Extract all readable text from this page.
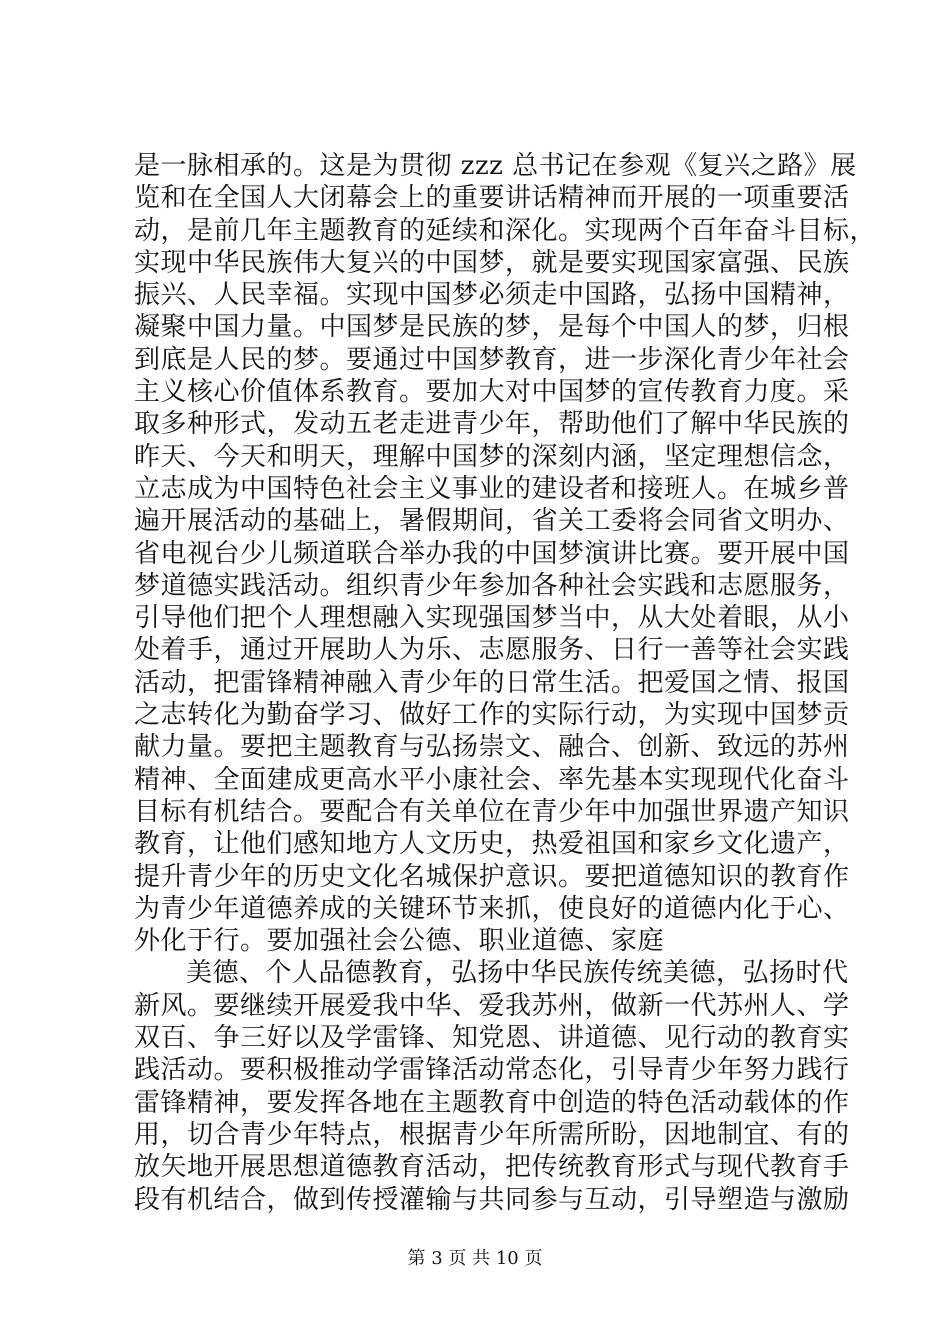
是一脉相承的。这是为贯彻 zzz 总书记在参观《复兴之路》展
览和在全国人大闭幕会上的重要讲话精神而开展的一项重要活
动，是前几年主题教育的延续和深化。实现两个百年奋斗目标，
实现中华民族伟大复兴的中国梦，就是要实现国家富强、民族
振兴、人民幸福。实现中国梦必须走中国路，弘扬中国精神，
凝聚中国力量。中国梦是民族的梦，是每个中国人的梦，归根
到底是人民的梦。要通过中国梦教育，进一步深化青少年社会
主义核心价值体系教育。要加大对中国梦的宣传教育力度。采
取多种形式，发动五老走进青少年，帮助他们了解中华民族的
昨天、今天和明天，理解中国梦的深刻内涵，坚定理想信念，
立志成为中国特色社会主义事业的建设者和接班人。在城乡普
遍开展活动的基础上，暑假期间，省关工委将会同省文明办、
省电视台少儿频道联合举办我的中国梦演讲比赛。要开展中国
梦道德实践活动。组织青少年参加各种社会实践和志愿服务，
引导他们把个人理想融入实现强国梦当中，从大处着眼，从小
处着手，通过开展助人为乐、志愿服务、日行一善等社会实践
活动，把雷锋精神融入青少年的日常生活。把爱国之情、报国
之志转化为勤奋学习、做好工作的实际行动，为实现中国梦贡
献力量。要把主题教育与弘扬崇文、融合、创新、致远的苏州
精神、全面建成更高水平小康社会、率先基本实现现代化奋斗
目标有机结合。要配合有关单位在青少年中加强世界遗产知识
教育，让他们感知地方人文历史，热爱祖国和家乡文化遗产，
提升青少年的历史文化名城保护意识。要把道德知识的教育作
为青少年道德养成的关键环节来抓，使良好的道德内化于心、
外化于行。要加强社会公德、职业道德、家庭
美德、个人品德教育，弘扬中华民族传统美德，弘扬时代
新风。要继续开展爱我中华、爱我苏州，做新一代苏州人、学
双百、争三好以及学雷锋、知党恩、讲道德、见行动的教育实
践活动。要积极推动学雷锋活动常态化，引导青少年努力践行
雷锋精神，要发挥各地在主题教育中创造的特色活动载体的作
用，切合青少年特点，根据青少年所需所盼，因地制宜、有的
放矢地开展思想道德教育活动，把传统教育形式与现代教育手
段有机结合，做到传授灌输与共同参与互动，引导塑造与激励
第 3 页 共 10 页
